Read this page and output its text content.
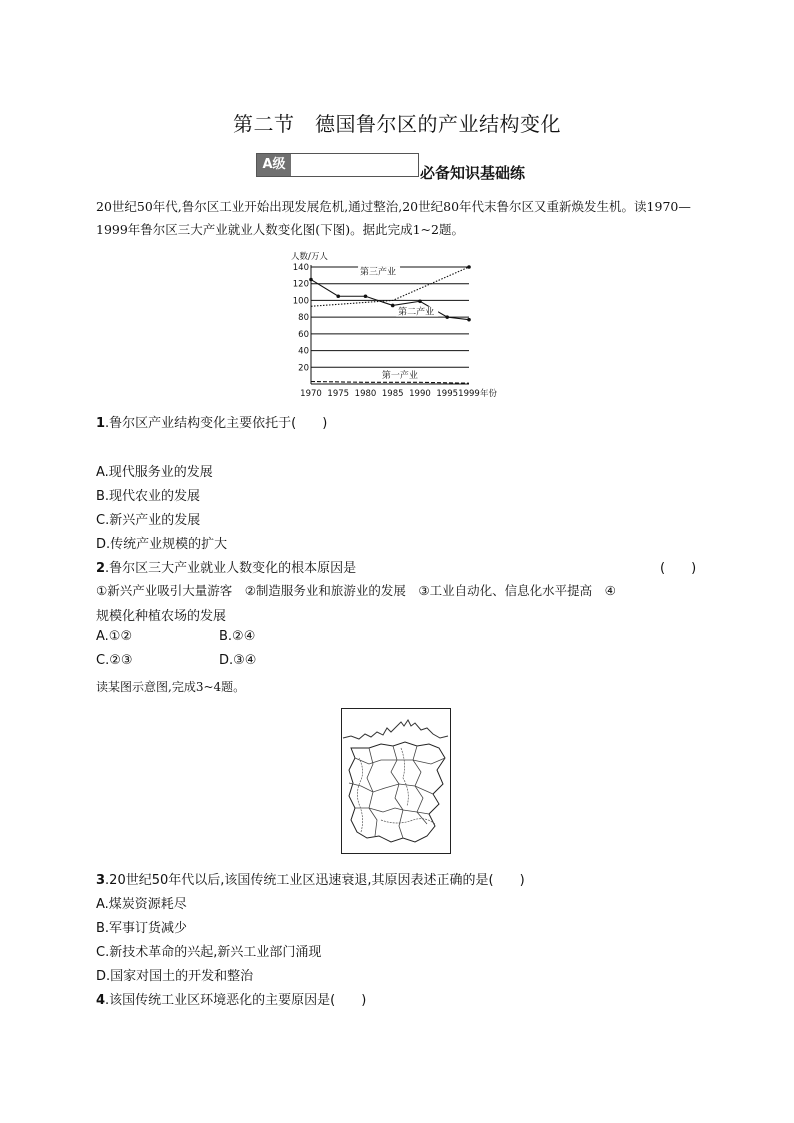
第二节　德国鲁尔区的产业结构变化
A级	必备知识基础练
20世纪50年代,鲁尔区工业开始出现发展危机,通过整治,20世纪80年代末鲁尔区又重新焕发生机。读1970—1999年鲁尔区三大产业就业人数变化图(下图)。据此完成1~2题。
20
40
60
80
100
120
140
人数/万人
1970 1975 1980 1985 1990 1995 1999 年份
第三产业
第二产业
第一产业
1.鲁尔区产业结构变化主要依托于(　　)
A.现代服务业的发展
B.现代农业的发展
C.新兴产业的发展
D.传统产业规模的扩大
2.鲁尔区三大产业就业人数变化的根本原因是	(　　)
①新兴产业吸引大量游客　②制造服务业和旅游业的发展　③工业自动化、信息化水平提高　④
规模化种植农场的发展
A.①②	B.②④
C.②③	D.③④
读某图示意图,完成3~4题。
3.20世纪50年代以后,该国传统工业区迅速衰退,其原因表述正确的是(　　)
A.煤炭资源耗尽
B.军事订货减少
C.新技术革命的兴起,新兴工业部门涌现
D.国家对国土的开发和整治
4.该国传统工业区环境恶化的主要原因是(　　)
